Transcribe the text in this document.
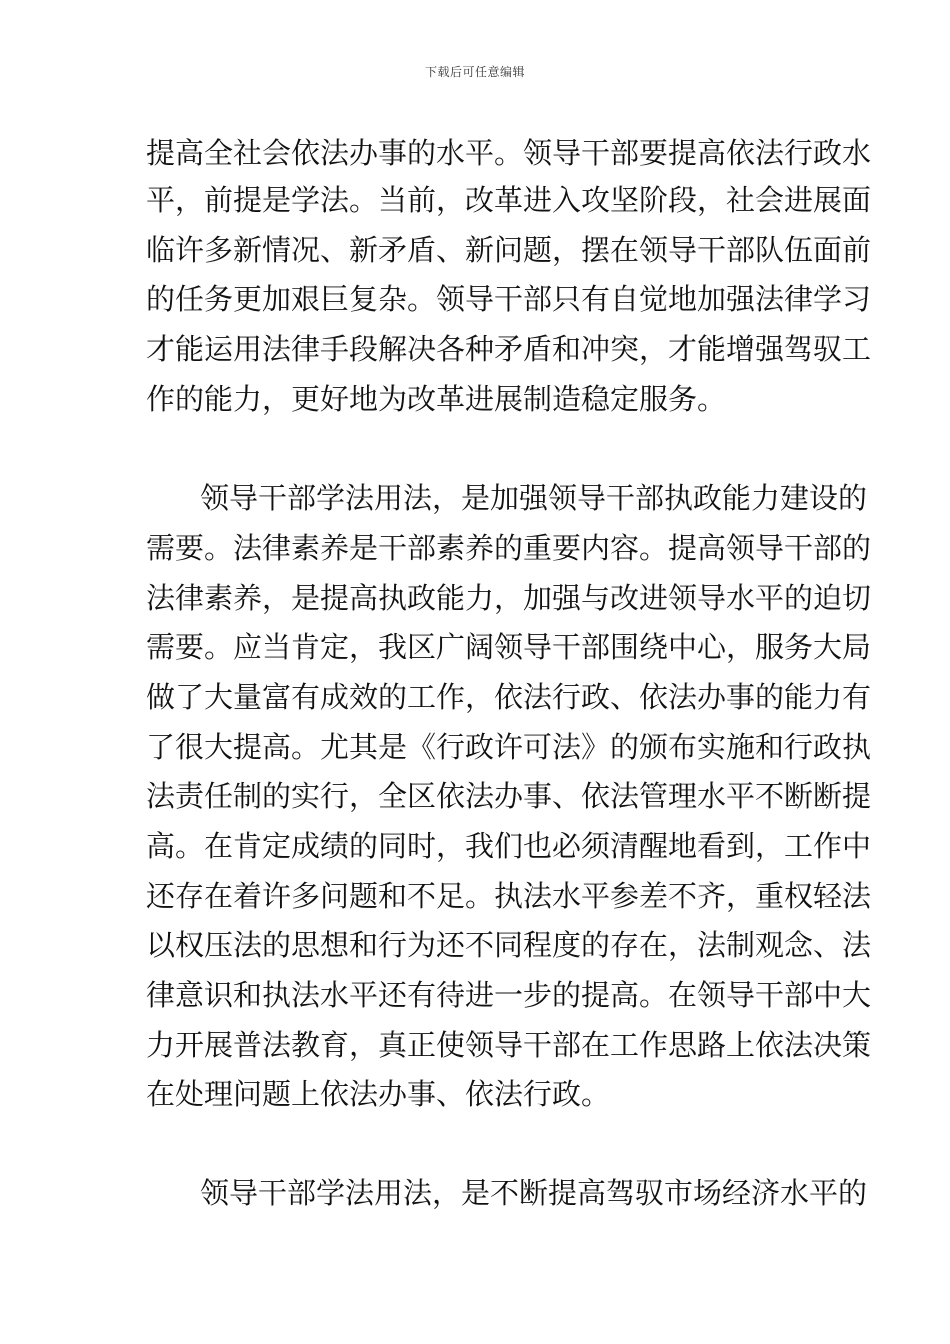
下载后可任意编辑
提高全社会依法办事的水平。领导干部要提高依法行政水
平，前提是学法。当前，改革进入攻坚阶段，社会进展面
临许多新情况、新矛盾、新问题，摆在领导干部队伍面前
的任务更加艰巨复杂。领导干部只有自觉地加强法律学习
才能运用法律手段解决各种矛盾和冲突，才能增强驾驭工
作的能力，更好地为改革进展制造稳定服务。
领导干部学法用法，是加强领导干部执政能力建设的
需要。法律素养是干部素养的重要内容。提高领导干部的
法律素养，是提高执政能力，加强与改进领导水平的迫切
需要。应当肯定，我区广阔领导干部围绕中心，服务大局
做了大量富有成效的工作，依法行政、依法办事的能力有
了很大提高。尤其是《行政许可法》的颁布实施和行政执
法责任制的实行，全区依法办事、依法管理水平不断断提
高。在肯定成绩的同时，我们也必须清醒地看到，工作中
还存在着许多问题和不足。执法水平参差不齐，重权轻法
以权压法的思想和行为还不同程度的存在，法制观念、法
律意识和执法水平还有待进一步的提高。在领导干部中大
力开展普法教育，真正使领导干部在工作思路上依法决策
在处理问题上依法办事、依法行政。
领导干部学法用法，是不断提高驾驭市场经济水平的
